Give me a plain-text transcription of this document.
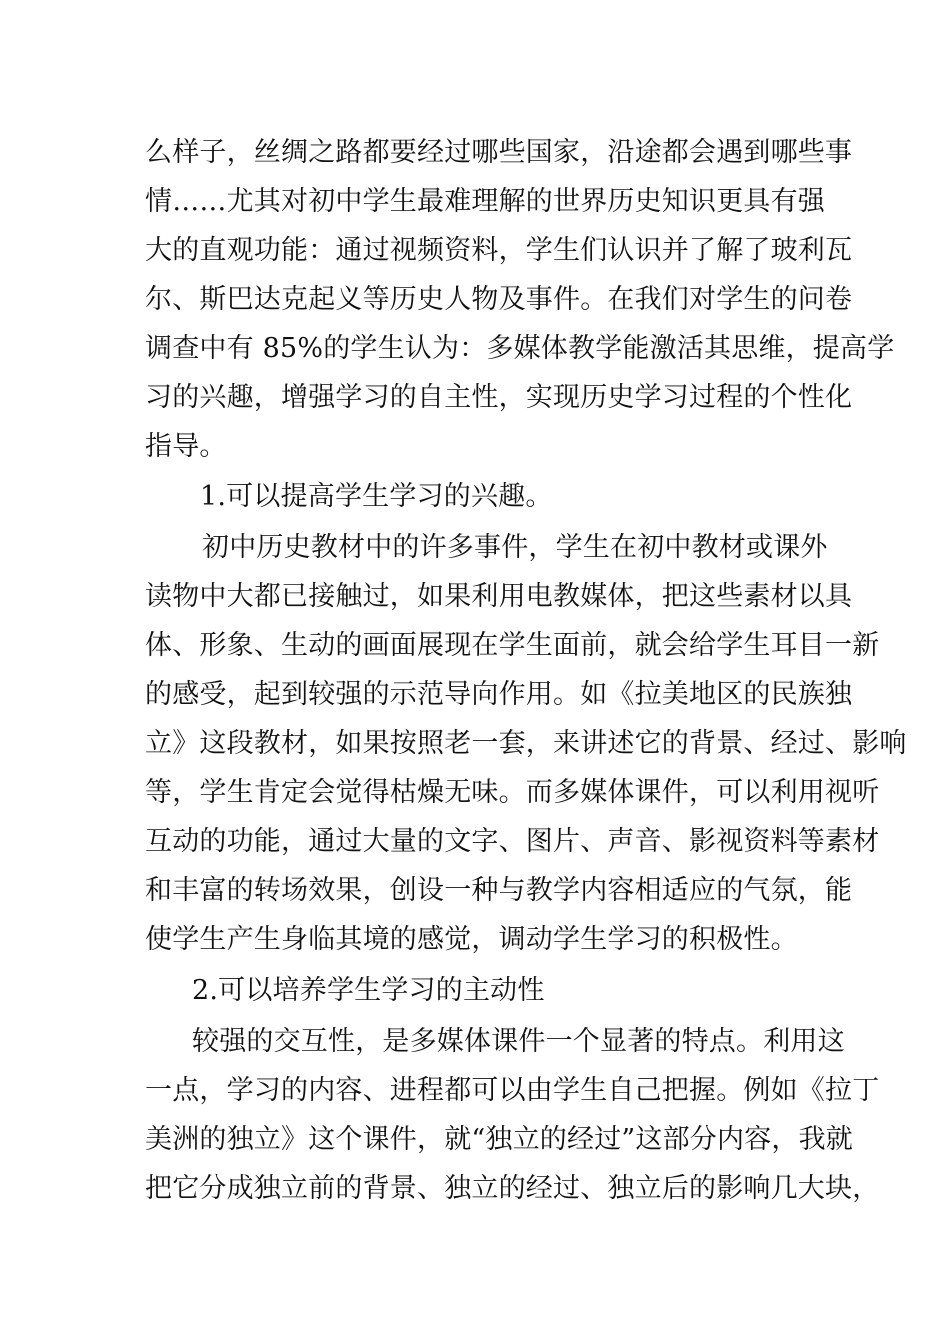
么样子，丝绸之路都要经过哪些国家，沿途都会遇到哪些事
情……尤其对初中学生最难理解的世界历史知识更具有强
大的直观功能：通过视频资料，学生们认识并了解了玻利瓦
尔、斯巴达克起义等历史人物及事件。在我们对学生的问卷
调查中有 85%的学生认为：多媒体教学能激活其思维，提高学
习的兴趣，增强学习的自主性，实现历史学习过程的个性化
指导。
1.可以提高学生学习的兴趣。
初中历史教材中的许多事件，学生在初中教材或课外
读物中大都已接触过，如果利用电教媒体，把这些素材以具
体、形象、生动的画面展现在学生面前，就会给学生耳目一新
的感受，起到较强的示范导向作用。如《拉美地区的民族独
立》这段教材，如果按照老一套，来讲述它的背景、经过、影响
等，学生肯定会觉得枯燥无味。而多媒体课件，可以利用视听
互动的功能，通过大量的文字、图片、声音、影视资料等素材
和丰富的转场效果，创设一种与教学内容相适应的气氛，能
使学生产生身临其境的感觉，调动学生学习的积极性。
2.可以培养学生学习的主动性
较强的交互性，是多媒体课件一个显著的特点。利用这
一点，学习的内容、进程都可以由学生自己把握。例如《拉丁
美洲的独立》这个课件，就“独立的经过”这部分内容，我就
把它分成独立前的背景、独立的经过、独立后的影响几大块，
